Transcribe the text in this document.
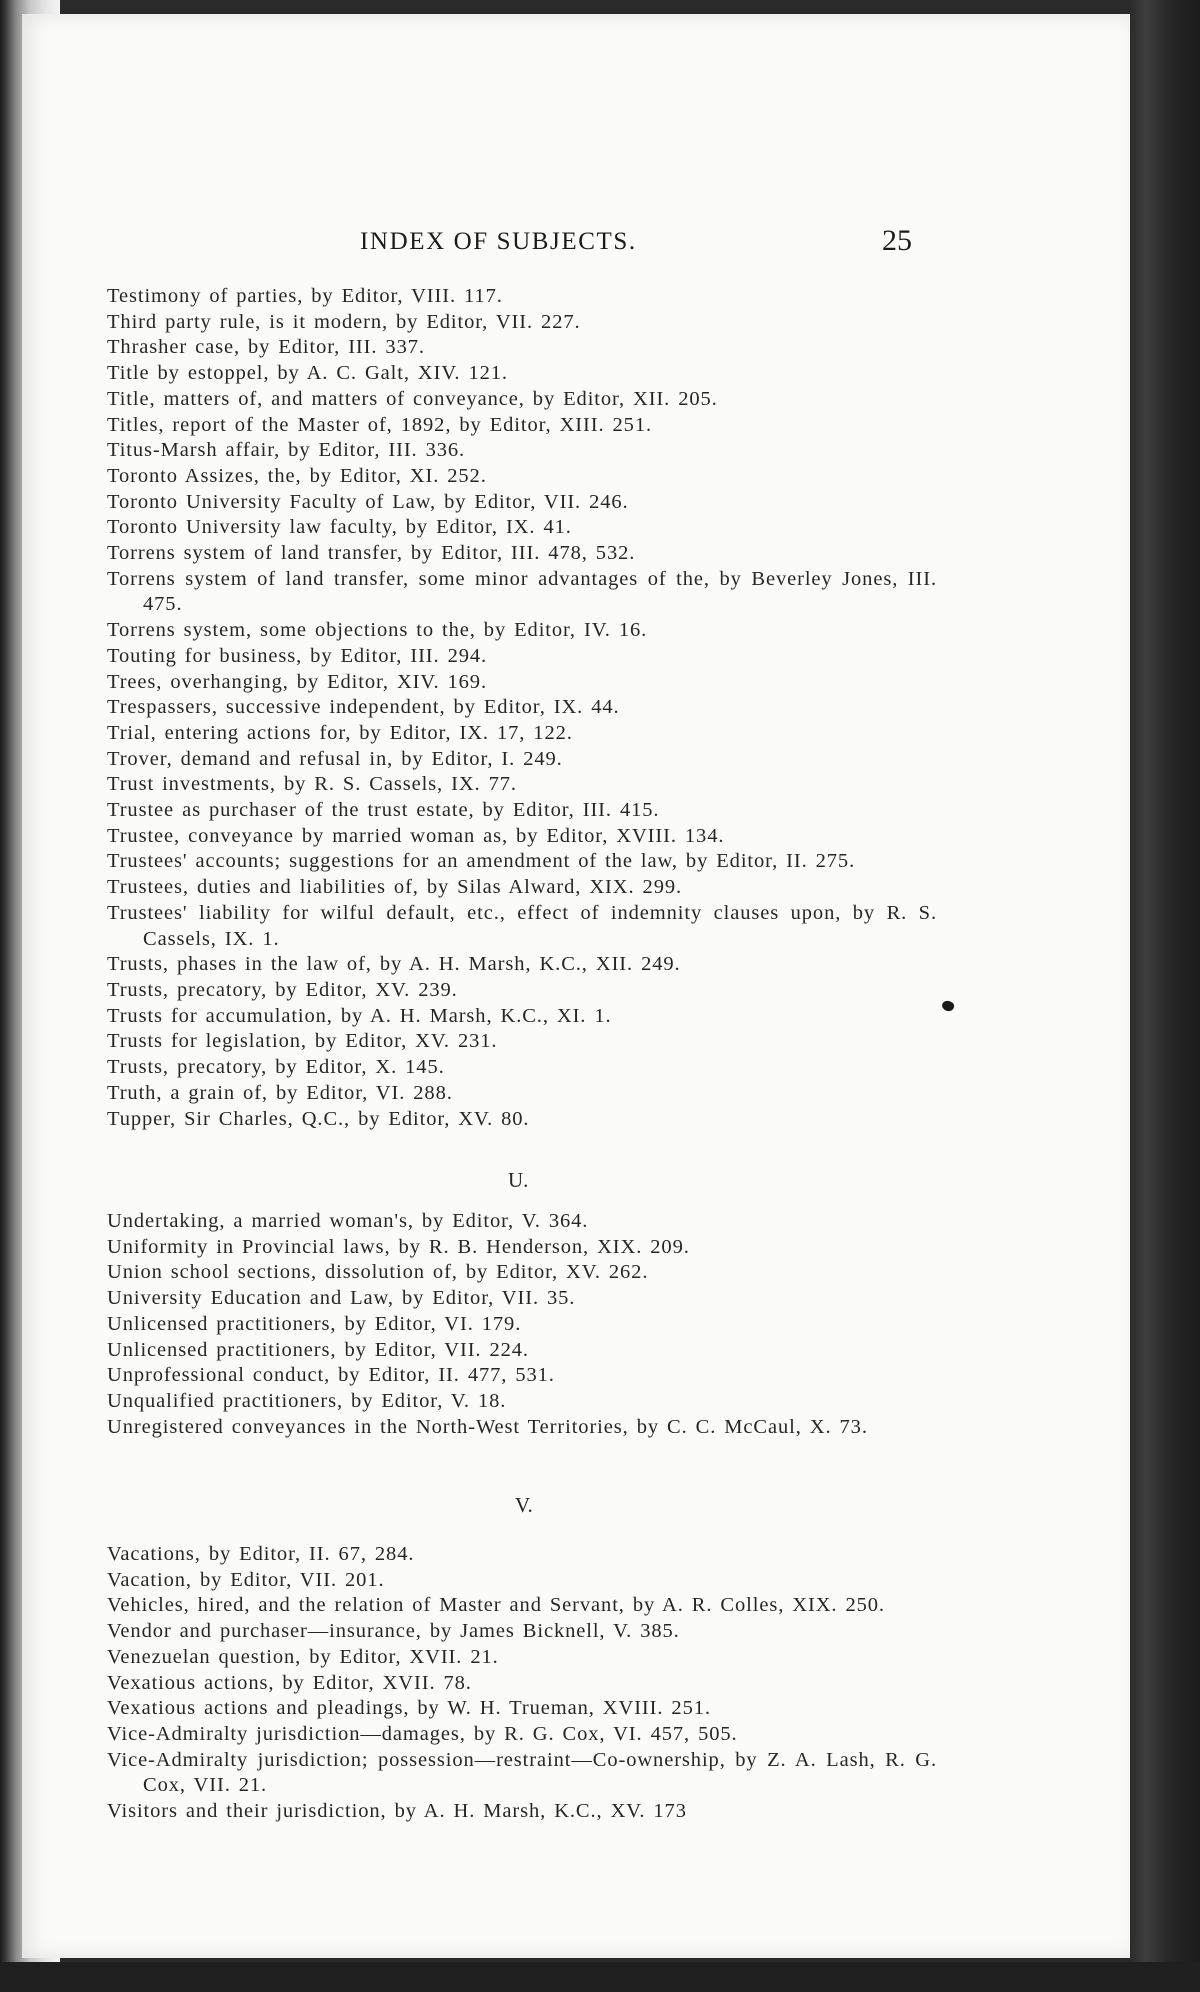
INDEX OF SUBJECTS.	25

Testimony of parties, by Editor, VIII. 117.

Third party rule, is it modern, by Editor, VII. 227.

Thrasher case, by Editor, III. 337.

Title by estoppel, by A. C. Galt, XIV. 121.

Title, matters of, and matters of conveyance, by Editor, XII. 205.

Titles, report of the Master of, 1892, by Editor, XIII. 251.

Titus-Marsh affair, by Editor, III. 336.

Toronto Assizes, the, by Editor, XI. 252.

Toronto University Faculty of Law, by Editor, VII. 246.

Toronto University law faculty, by Editor, IX. 41.

Torrens system of land transfer, by Editor, III. 478, 532.

Torrens system of land transfer, some minor advantages of the, by Beverley Jones, III. 475.

Torrens system, some objections to the, by Editor, IV. 16.

Touting for business, by Editor, III. 294.

Trees, overhanging, by Editor, XIV. 169.

Trespassers, successive independent, by Editor, IX. 44.

Trial, entering actions for, by Editor, IX. 17, 122.

Trover, demand and refusal in, by Editor, I. 249.

Trust investments, by R. S. Cassels, IX. 77.

Trustee as purchaser of the trust estate, by Editor, III. 415.

Trustee, conveyance by married woman as, by Editor, XVIII. 134.

Trustees' accounts; suggestions for an amendment of the law, by Editor, II. 275.

Trustees, duties and liabilities of, by Silas Alward, XIX. 299.

Trustees' liability for wilful default, etc., effect of indemnity clauses upon, by R. S. Cassels, IX. 1.

Trusts, phases in the law of, by A. H. Marsh, K.C., XII. 249.

Trusts, precatory, by Editor, XV. 239.

Trusts for accumulation, by A. H. Marsh, K.C., XI. 1.

Trusts for legislation, by Editor, XV. 231.

Trusts, precatory, by Editor, X. 145.

Truth, a grain of, by Editor, VI. 288.

Tupper, Sir Charles, Q.C., by Editor, XV. 80.

U.

Undertaking, a married woman's, by Editor, V. 364.

Uniformity in Provincial laws, by R. B. Henderson, XIX. 209.

Union school sections, dissolution of, by Editor, XV. 262.

University Education and Law, by Editor, VII. 35.

Unlicensed practitioners, by Editor, VI. 179.

Unlicensed practitioners, by Editor, VII. 224.

Unprofessional conduct, by Editor, II. 477, 531.

Unqualified practitioners, by Editor, V. 18.

Unregistered conveyances in the North-West Territories, by C. C. McCaul, X. 73.

V.

Vacations, by Editor, II. 67, 284.

Vacation, by Editor, VII. 201.

Vehicles, hired, and the relation of Master and Servant, by A. R. Colles, XIX. 250.

Vendor and purchaser—insurance, by James Bicknell, V. 385.

Venezuelan question, by Editor, XVII. 21.

Vexatious actions, by Editor, XVII. 78.

Vexatious actions and pleadings, by W. H. Trueman, XVIII. 251.

Vice-Admiralty jurisdiction—damages, by R. G. Cox, VI. 457, 505.

Vice-Admiralty jurisdiction; possession—restraint—Co-ownership, by Z. A. Lash, R. G. Cox, VII. 21.

Visitors and their jurisdiction, by A. H. Marsh, K.C., XV. 173
